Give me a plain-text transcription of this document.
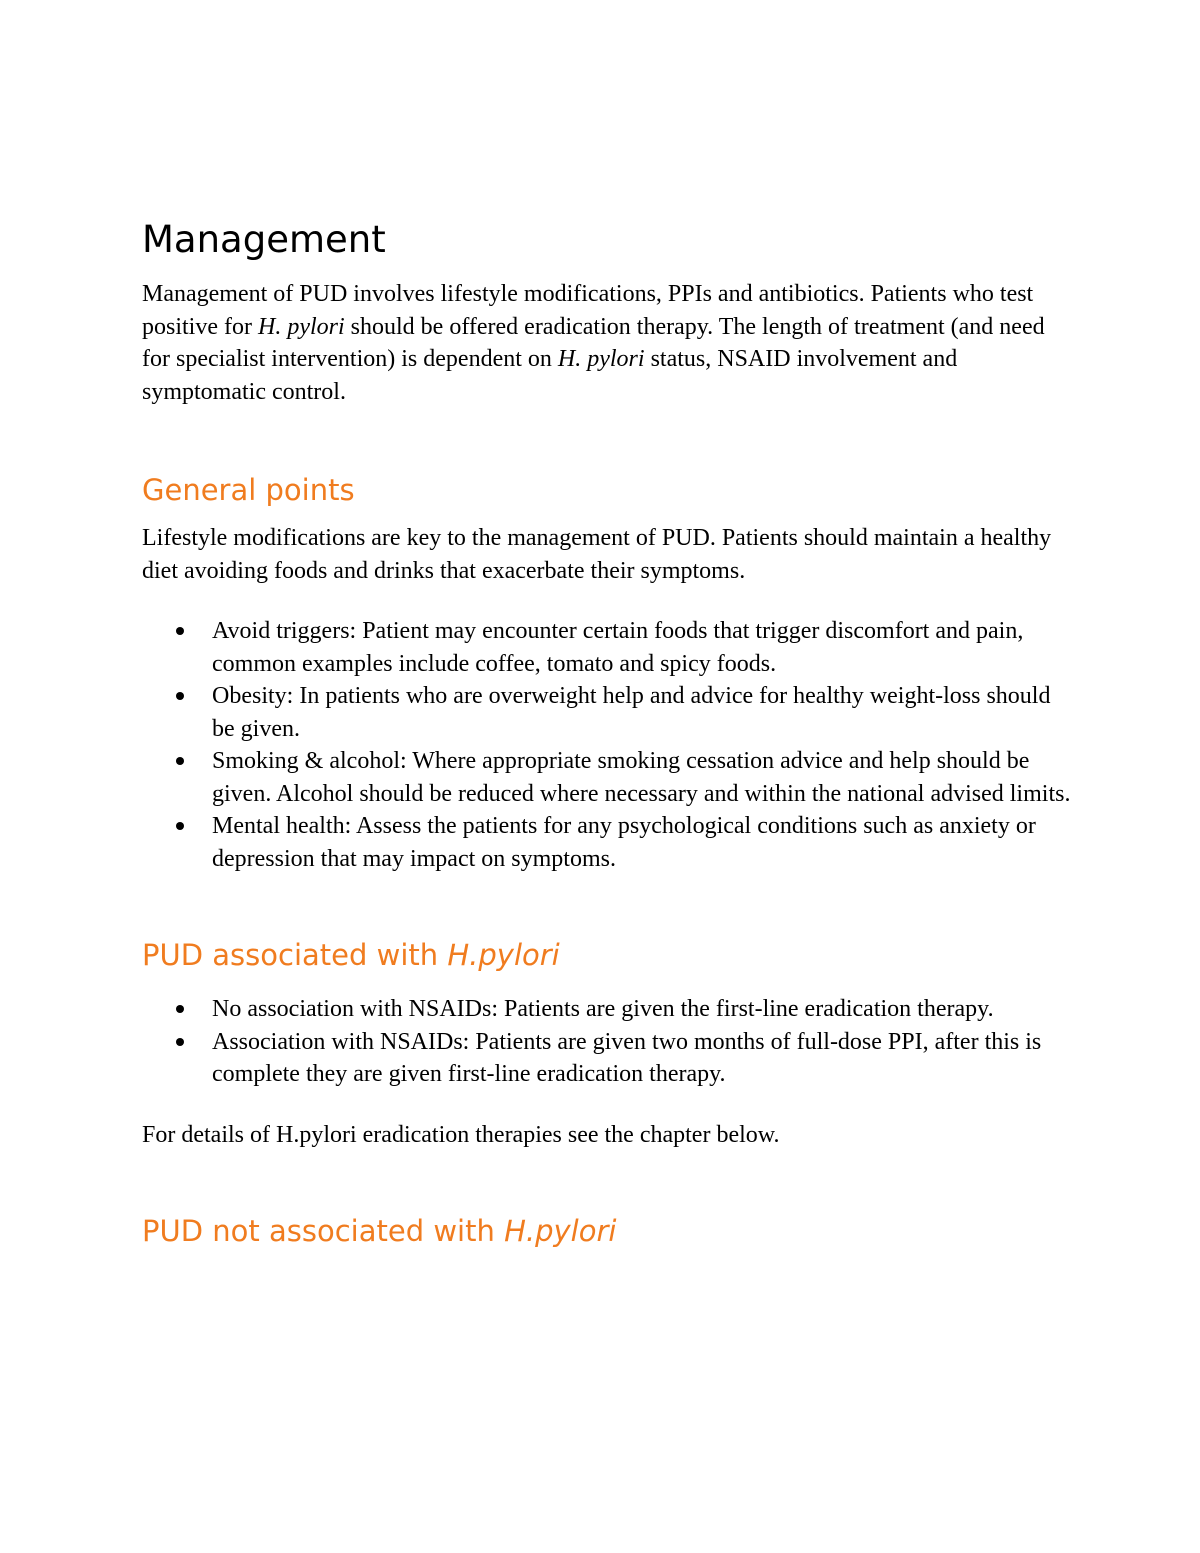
Management

Management of PUD involves lifestyle modifications, PPIs and antibiotics. Patients who test positive for H. pylori should be offered eradication therapy. The length of treatment (and need for specialist intervention) is dependent on H. pylori status, NSAID involvement and symptomatic control.

General points

Lifestyle modifications are key to the management of PUD. Patients should maintain a healthy diet avoiding foods and drinks that exacerbate their symptoms.

Avoid triggers: Patient may encounter certain foods that trigger discomfort and pain, common examples include coffee, tomato and spicy foods.
Obesity: In patients who are overweight help and advice for healthy weight-loss should be given.
Smoking & alcohol: Where appropriate smoking cessation advice and help should be given. Alcohol should be reduced where necessary and within the national advised limits.
Mental health: Assess the patients for any psychological conditions such as anxiety or depression that may impact on symptoms.
PUD associated with H.pylori
No association with NSAIDs: Patients are given the first-line eradication therapy.
Association with NSAIDs: Patients are given two months of full-dose PPI, after this is complete they are given first-line eradication therapy.

For details of H.pylori eradication therapies see the chapter below.

PUD not associated with H.pylori
